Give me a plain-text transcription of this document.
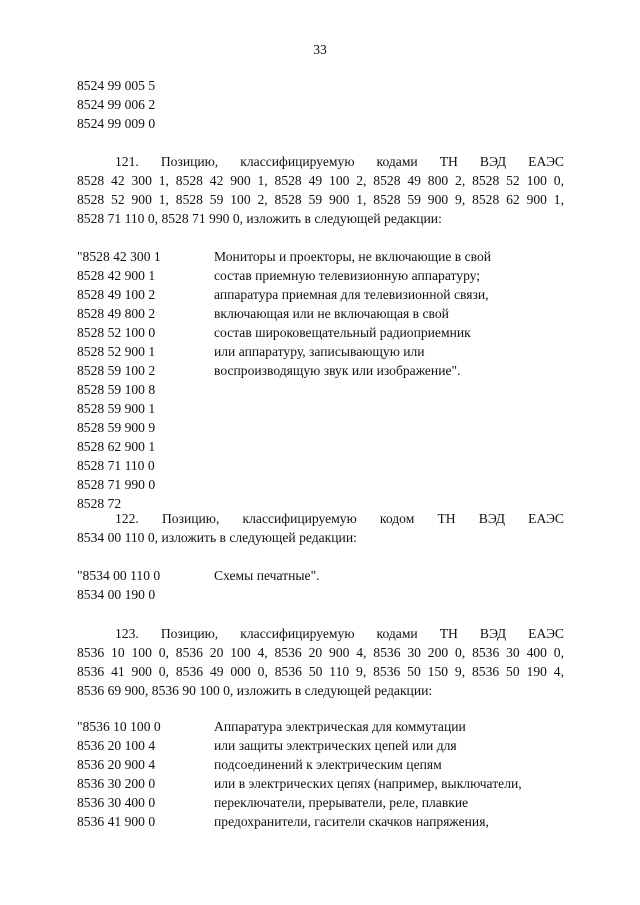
33
8524 99 005 5
8524 99 006 2
8524 99 009 0
121. Позицию, классифицируемую кодами ТН ВЭД ЕАЭС
8528 42 300 1, 8528 42 900 1, 8528 49 100 2, 8528 49 800 2, 8528 52 100 0,
8528 52 900 1, 8528 59 100 2, 8528 59 900 1, 8528 59 900 9, 8528 62 900 1,
8528 71 110 0, 8528 71 990 0, изложить в следующей редакции:
"8528 42 300 1
8528 42 900 1
8528 49 100 2
8528 49 800 2
8528 52 100 0
8528 52 900 1
8528 59 100 2
8528 59 100 8
8528 59 900 1
8528 59 900 9
8528 62 900 1
8528 71 110 0
8528 71 990 0
8528 72
Мониторы и проекторы, не включающие в свой
состав приемную телевизионную аппаратуру;
аппаратура приемная для телевизионной связи,
включающая или не включающая в свой
состав широковещательный радиоприемник
или аппаратуру, записывающую или
воспроизводящую звук или изображение".
122. Позицию, классифицируемую кодом ТН ВЭД ЕАЭС
8534 00 110 0, изложить в следующей редакции:
"8534 00 110 0
8534 00 190 0
Схемы печатные".
123. Позицию, классифицируемую кодами ТН ВЭД ЕАЭС
8536 10 100 0, 8536 20 100 4, 8536 20 900 4, 8536 30 200 0, 8536 30 400 0,
8536 41 900 0, 8536 49 000 0, 8536 50 110 9, 8536 50 150 9, 8536 50 190 4,
8536 69 900, 8536 90 100 0, изложить в следующей редакции:
"8536 10 100 0
8536 20 100 4
8536 20 900 4
8536 30 200 0
8536 30 400 0
8536 41 900 0
Аппаратура электрическая для коммутации
или защиты электрических цепей или для
подсоединений к электрическим цепям
или в электрических цепях (например, выключатели,
переключатели, прерыватели, реле, плавкие
предохранители, гасители скачков напряжения,
